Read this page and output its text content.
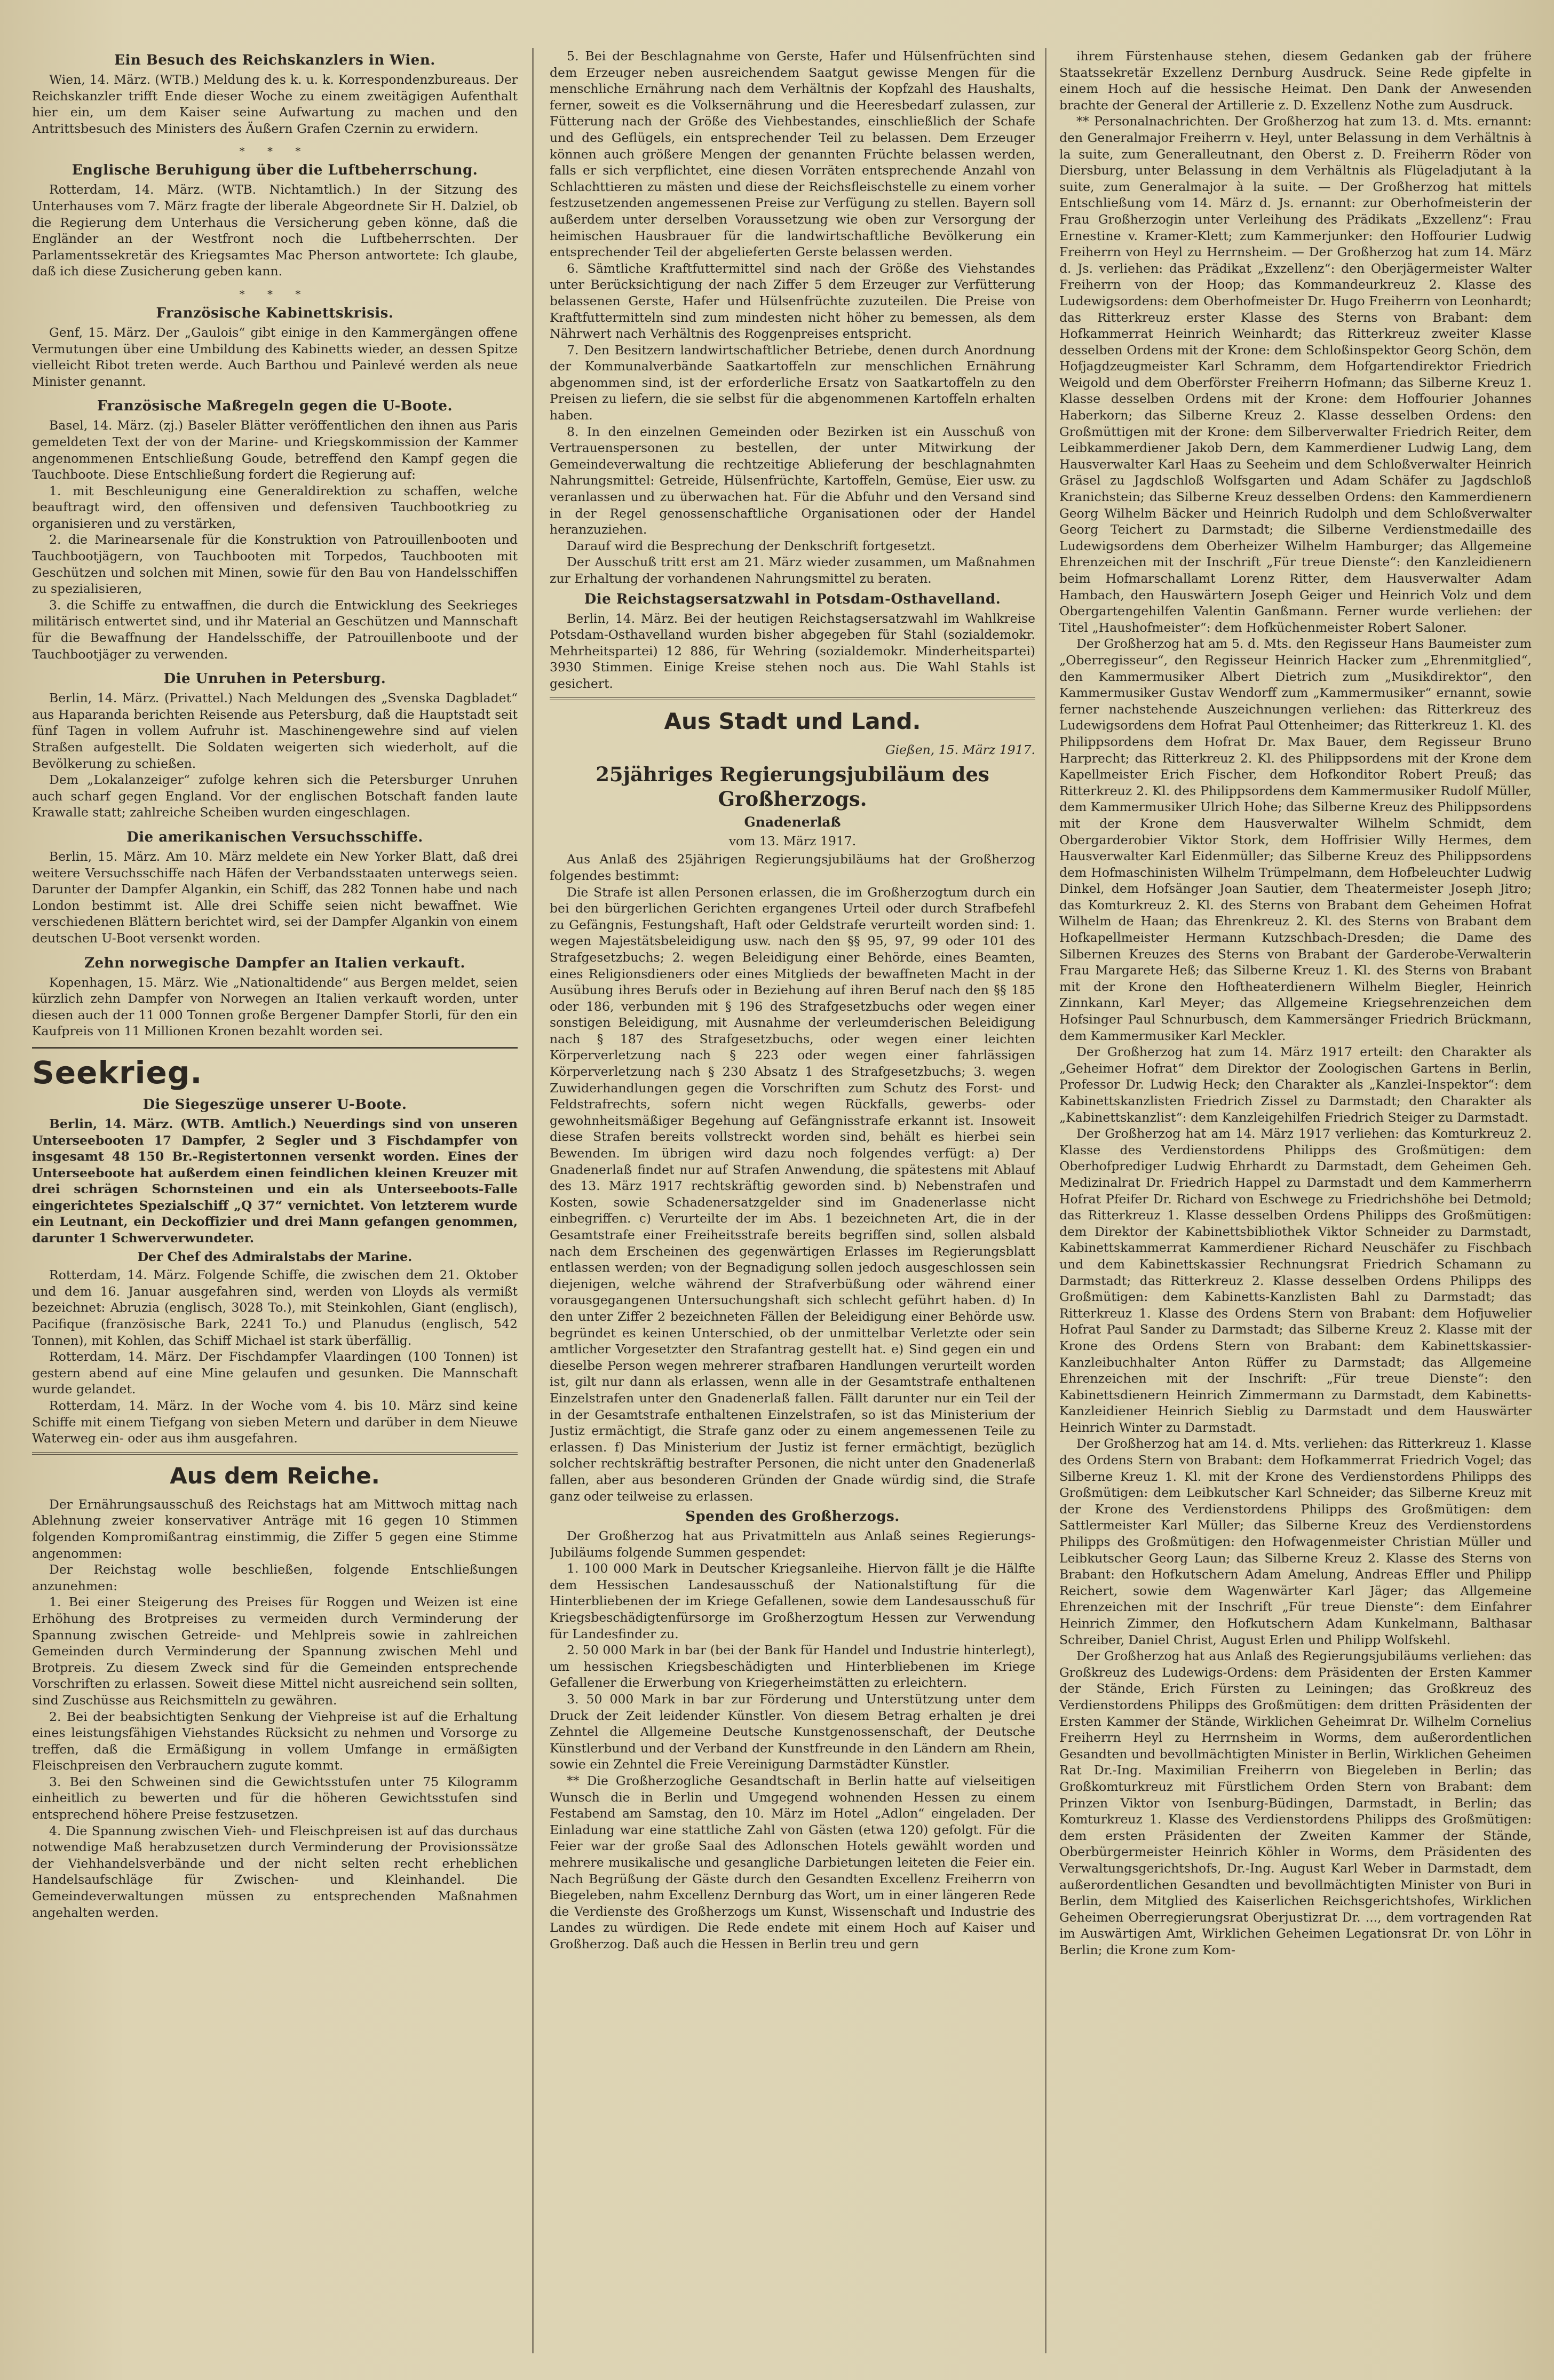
Ein Besuch des Reichskanzlers in Wien.

Wien, 14. März. (WTB.) Meldung des k. u. k. Korrespondenzbureaus. Der Reichskanzler trifft Ende dieser Woche zu einem zweitägigen Aufenthalt hier ein, um dem Kaiser seine Aufwartung zu machen und den Antrittsbesuch des Ministers des Äußern Grafen Czernin zu erwidern.

* * *
Englische Beruhigung über die Luftbeherrschung.

Rotterdam, 14. März. (WTB. Nichtamtlich.) In der Sitzung des Unterhauses vom 7. März fragte der liberale Abgeordnete Sir H. Dalziel, ob die Regierung dem Unterhaus die Versicherung geben könne, daß die Engländer an der Westfront noch die Luftbeherrschten. Der Parlamentssekretär des Kriegsamtes Mac Pherson antwortete: Ich glaube, daß ich diese Zusicherung geben kann.

* * *
Französische Kabinettskrisis.

Genf, 15. März. Der „Gaulois“ gibt einige in den Kammergängen offene Vermutungen über eine Umbildung des Kabinetts wieder, an dessen Spitze vielleicht Ribot treten werde. Auch Barthou und Painlevé werden als neue Minister genannt.

Französische Maßregeln gegen die U-Boote.

Basel, 14. März. (zj.) Baseler Blätter veröffentlichen den ihnen aus Paris gemeldeten Text der von der Marine- und Kriegskommission der Kammer angenommenen Entschließung Goude, betreffend den Kampf gegen die Tauchboote. Diese Entschließung fordert die Regierung auf:

1. mit Beschleunigung eine Generaldirektion zu schaffen, welche beauftragt wird, den offensiven und defensiven Tauchbootkrieg zu organisieren und zu verstärken,

2. die Marinearsenale für die Konstruktion von Patrouillenbooten und Tauchbootjägern, von Tauchbooten mit Torpedos, Tauchbooten mit Geschützen und solchen mit Minen, sowie für den Bau von Handelsschiffen zu spezialisieren,

3. die Schiffe zu entwaffnen, die durch die Entwicklung des Seekrieges militärisch entwertet sind, und ihr Material an Geschützen und Mannschaft für die Bewaffnung der Handelsschiffe, der Patrouillenboote und der Tauchbootjäger zu verwenden.

Die Unruhen in Petersburg.

Berlin, 14. März. (Privattel.) Nach Meldungen des „Svenska Dagbladet“ aus Haparanda berichten Reisende aus Petersburg, daß die Hauptstadt seit fünf Tagen in vollem Aufruhr ist. Maschinengewehre sind auf vielen Straßen aufgestellt. Die Soldaten weigerten sich wiederholt, auf die Bevölkerung zu schießen.

Dem „Lokalanzeiger“ zufolge kehren sich die Petersburger Unruhen auch scharf gegen England. Vor der englischen Botschaft fanden laute Krawalle statt; zahlreiche Scheiben wurden eingeschlagen.

Die amerikanischen Versuchsschiffe.

Berlin, 15. März. Am 10. März meldete ein New Yorker Blatt, daß drei weitere Versuchsschiffe nach Häfen der Verbandsstaaten unterwegs seien. Darunter der Dampfer Algankin, ein Schiff, das 282 Tonnen habe und nach London bestimmt ist. Alle drei Schiffe seien nicht bewaffnet. Wie verschiedenen Blättern berichtet wird, sei der Dampfer Algankin von einem deutschen U-Boot versenkt worden.

Zehn norwegische Dampfer an Italien verkauft.

Kopenhagen, 15. März. Wie „Nationaltidende“ aus Bergen meldet, seien kürzlich zehn Dampfer von Norwegen an Italien verkauft worden, unter diesen auch der 11 000 Tonnen große Bergener Dampfer Storli, für den ein Kaufpreis von 11 Millionen Kronen bezahlt worden sei.

Seekrieg.
Die Siegeszüge unserer U-Boote.

Berlin, 14. März. (WTB. Amtlich.) Neuerdings sind von unseren Unterseebooten 17 Dampfer, 2 Segler und 3 Fischdampfer von insgesamt 48 150 Br.-Registertonnen versenkt worden. Eines der Unterseeboote hat außerdem einen feindlichen kleinen Kreuzer mit drei schrägen Schornsteinen und ein als Unterseeboots-Falle eingerichtetes Spezialschiff „Q 37“ vernichtet. Von letzterem wurde ein Leutnant, ein Deckoffizier und drei Mann gefangen genommen, darunter 1 Schwerverwundeter.

Der Chef des Admiralstabs der Marine.

Rotterdam, 14. März. Folgende Schiffe, die zwischen dem 21. Oktober und dem 16. Januar ausgefahren sind, werden von Lloyds als vermißt bezeichnet: Abruzia (englisch, 3028 To.), mit Steinkohlen, Giant (englisch), Pacifique (französische Bark, 2241 To.) und Planudus (englisch, 542 Tonnen), mit Kohlen, das Schiff Michael ist stark überfällig.

Rotterdam, 14. März. Der Fischdampfer Vlaardingen (100 Tonnen) ist gestern abend auf eine Mine gelaufen und gesunken. Die Mannschaft wurde gelandet.

Rotterdam, 14. März. In der Woche vom 4. bis 10. März sind keine Schiffe mit einem Tiefgang von sieben Metern und darüber in dem Nieuwe Waterweg ein- oder aus ihm ausgefahren.

Aus dem Reiche.

Der Ernährungsausschuß des Reichstags hat am Mittwoch mittag nach Ablehnung zweier konservativer Anträge mit 16 gegen 10 Stimmen folgenden Kompromißantrag einstimmig, die Ziffer 5 gegen eine Stimme angenommen:

Der Reichstag wolle beschließen, folgende Entschließungen anzunehmen:

1. Bei einer Steigerung des Preises für Roggen und Weizen ist eine Erhöhung des Brotpreises zu vermeiden durch Verminderung der Spannung zwischen Getreide- und Mehlpreis sowie in zahlreichen Gemeinden durch Verminderung der Spannung zwischen Mehl und Brotpreis. Zu diesem Zweck sind für die Gemeinden entsprechende Vorschriften zu erlassen. Soweit diese Mittel nicht ausreichend sein sollten, sind Zuschüsse aus Reichsmitteln zu gewähren.

2. Bei der beabsichtigten Senkung der Viehpreise ist auf die Erhaltung eines leistungsfähigen Viehstandes Rücksicht zu nehmen und Vorsorge zu treffen, daß die Ermäßigung in vollem Umfange in ermäßigten Fleischpreisen den Verbrauchern zugute kommt.

3. Bei den Schweinen sind die Gewichtsstufen unter 75 Kilogramm einheitlich zu bewerten und für die höheren Gewichtsstufen sind entsprechend höhere Preise festzusetzen.

4. Die Spannung zwischen Vieh- und Fleischpreisen ist auf das durchaus notwendige Maß herabzusetzen durch Verminderung der Provisionssätze der Viehhandelsverbände und der nicht selten recht erheblichen Handelsaufschläge für Zwischen- und Kleinhandel. Die Gemeindeverwaltungen müssen zu entsprechenden Maßnahmen angehalten werden.

5. Bei der Beschlagnahme von Gerste, Hafer und Hülsenfrüchten sind dem Erzeuger neben ausreichendem Saatgut gewisse Mengen für die menschliche Ernährung nach dem Verhältnis der Kopfzahl des Haushalts, ferner, soweit es die Volksernährung und die Heeresbedarf zulassen, zur Fütterung nach der Größe des Viehbestandes, einschließlich der Schafe und des Geflügels, ein entsprechender Teil zu belassen. Dem Erzeuger können auch größere Mengen der genannten Früchte belassen werden, falls er sich verpflichtet, eine diesen Vorräten entsprechende Anzahl von Schlachttieren zu mästen und diese der Reichsfleischstelle zu einem vorher festzusetzenden angemessenen Preise zur Verfügung zu stellen. Bayern soll außerdem unter derselben Voraussetzung wie oben zur Versorgung der heimischen Hausbrauer für die landwirtschaftliche Bevölkerung ein entsprechender Teil der abgelieferten Gerste belassen werden.

6. Sämtliche Kraftfuttermittel sind nach der Größe des Viehstandes unter Berücksichtigung der nach Ziffer 5 dem Erzeuger zur Verfütterung belassenen Gerste, Hafer und Hülsenfrüchte zuzuteilen. Die Preise von Kraftfuttermitteln sind zum mindesten nicht höher zu bemessen, als dem Nährwert nach Verhältnis des Roggenpreises entspricht.

7. Den Besitzern landwirtschaftlicher Betriebe, denen durch Anordnung der Kommunalverbände Saatkartoffeln zur menschlichen Ernährung abgenommen sind, ist der erforderliche Ersatz von Saatkartoffeln zu den Preisen zu liefern, die sie selbst für die abgenommenen Kartoffeln erhalten haben.

8. In den einzelnen Gemeinden oder Bezirken ist ein Ausschuß von Vertrauenspersonen zu bestellen, der unter Mitwirkung der Gemeindeverwaltung die rechtzeitige Ablieferung der beschlagnahmten Nahrungsmittel: Getreide, Hülsenfrüchte, Kartoffeln, Gemüse, Eier usw. zu veranlassen und zu überwachen hat. Für die Abfuhr und den Versand sind in der Regel genossenschaftliche Organisationen oder der Handel heranzuziehen.

Darauf wird die Besprechung der Denkschrift fortgesetzt.

Der Ausschuß tritt erst am 21. März wieder zusammen, um Maßnahmen zur Erhaltung der vorhandenen Nahrungsmittel zu beraten.

Die Reichstagsersatzwahl in Potsdam-Osthavelland.

Berlin, 14. März. Bei der heutigen Reichstagsersatzwahl im Wahlkreise Potsdam-Osthavelland wurden bisher abgegeben für Stahl (sozialdemokr. Mehrheitspartei) 12 886, für Wehring (sozialdemokr. Minderheitspartei) 3930 Stimmen. Einige Kreise stehen noch aus. Die Wahl Stahls ist gesichert.

Aus Stadt und Land.
Gießen, 15. März 1917.
25jähriges Regierungsjubiläum des Großherzogs.
Gnadenerlaß
vom 13. März 1917.

Aus Anlaß des 25jährigen Regierungsjubiläums hat der Großherzog folgendes bestimmt:

Die Strafe ist allen Personen erlassen, die im Großherzogtum durch ein bei den bürgerlichen Gerichten ergangenes Urteil oder durch Strafbefehl zu Gefängnis, Festungshaft, Haft oder Geldstrafe verurteilt worden sind: 1. wegen Majestätsbeleidigung usw. nach den §§ 95, 97, 99 oder 101 des Strafgesetzbuchs; 2. wegen Beleidigung einer Behörde, eines Beamten, eines Religionsdieners oder eines Mitglieds der bewaffneten Macht in der Ausübung ihres Berufs oder in Beziehung auf ihren Beruf nach den §§ 185 oder 186, verbunden mit § 196 des Strafgesetzbuchs oder wegen einer sonstigen Beleidigung, mit Ausnahme der verleumderischen Beleidigung nach § 187 des Strafgesetzbuchs, oder wegen einer leichten Körperverletzung nach § 223 oder wegen einer fahrlässigen Körperverletzung nach § 230 Absatz 1 des Strafgesetzbuchs; 3. wegen Zuwiderhandlungen gegen die Vorschriften zum Schutz des Forst- und Feldstrafrechts, sofern nicht wegen Rückfalls, gewerbs- oder gewohnheitsmäßiger Begehung auf Gefängnisstrafe erkannt ist. Insoweit diese Strafen bereits vollstreckt worden sind, behält es hierbei sein Bewenden. Im übrigen wird dazu noch folgendes verfügt: a) Der Gnadenerlaß findet nur auf Strafen Anwendung, die spätestens mit Ablauf des 13. März 1917 rechtskräftig geworden sind. b) Nebenstrafen und Kosten, sowie Schadenersatzgelder sind im Gnadenerlasse nicht einbegriffen. c) Verurteilte der im Abs. 1 bezeichneten Art, die in der Gesamtstrafe einer Freiheitsstrafe bereits begriffen sind, sollen alsbald nach dem Erscheinen des gegenwärtigen Erlasses im Regierungsblatt entlassen werden; von der Begnadigung sollen jedoch ausgeschlossen sein diejenigen, welche während der Strafverbüßung oder während einer vorausgegangenen Untersuchungshaft sich schlecht geführt haben. d) In den unter Ziffer 2 bezeichneten Fällen der Beleidigung einer Behörde usw. begründet es keinen Unterschied, ob der unmittelbar Verletzte oder sein amtlicher Vorgesetzter den Strafantrag gestellt hat. e) Sind gegen ein und dieselbe Person wegen mehrerer strafbaren Handlungen verurteilt worden ist, gilt nur dann als erlassen, wenn alle in der Gesamtstrafe enthaltenen Einzelstrafen unter den Gnadenerlaß fallen. Fällt darunter nur ein Teil der in der Gesamtstrafe enthaltenen Einzelstrafen, so ist das Ministerium der Justiz ermächtigt, die Strafe ganz oder zu einem angemessenen Teile zu erlassen. f) Das Ministerium der Justiz ist ferner ermächtigt, bezüglich solcher rechtskräftig bestrafter Personen, die nicht unter den Gnadenerlaß fallen, aber aus besonderen Gründen der Gnade würdig sind, die Strafe ganz oder teilweise zu erlassen.

Spenden des Großherzogs.

Der Großherzog hat aus Privatmitteln aus Anlaß seines Regierungs-Jubiläums folgende Summen gespendet:

1. 100 000 Mark in Deutscher Kriegsanleihe. Hiervon fällt je die Hälfte dem Hessischen Landesausschuß der Nationalstiftung für die Hinterbliebenen der im Kriege Gefallenen, sowie dem Landesausschuß für Kriegsbeschädigtenfürsorge im Großherzogtum Hessen zur Verwendung für Landesfinder zu.

2. 50 000 Mark in bar (bei der Bank für Handel und Industrie hinterlegt), um hessischen Kriegsbeschädigten und Hinterbliebenen im Kriege Gefallener die Erwerbung von Kriegerheimstätten zu erleichtern.

3. 50 000 Mark in bar zur Förderung und Unterstützung unter dem Druck der Zeit leidender Künstler. Von diesem Betrag erhalten je drei Zehntel die Allgemeine Deutsche Kunstgenossenschaft, der Deutsche Künstlerbund und der Verband der Kunstfreunde in den Ländern am Rhein, sowie ein Zehntel die Freie Vereinigung Darmstädter Künstler.

** Die Großherzogliche Gesandtschaft in Berlin hatte auf vielseitigen Wunsch die in Berlin und Umgegend wohnenden Hessen zu einem Festabend am Samstag, den 10. März im Hotel „Adlon“ eingeladen. Der Einladung war eine stattliche Zahl von Gästen (etwa 120) gefolgt. Für die Feier war der große Saal des Adlonschen Hotels gewählt worden und mehrere musikalische und gesangliche Darbietungen leiteten die Feier ein. Nach Begrüßung der Gäste durch den Gesandten Excellenz Freiherrn von Biegeleben, nahm Excellenz Dernburg das Wort, um in einer längeren Rede die Verdienste des Großherzogs um Kunst, Wissenschaft und Industrie des Landes zu würdigen. Die Rede endete mit einem Hoch auf Kaiser und Großherzog. Daß auch die Hessen in Berlin treu und gern

ihrem Fürstenhause stehen, diesem Gedanken gab der frühere Staatssekretär Exzellenz Dernburg Ausdruck. Seine Rede gipfelte in einem Hoch auf die hessische Heimat. Den Dank der Anwesenden brachte der General der Artillerie z. D. Exzellenz Nothe zum Ausdruck.

** Personalnachrichten. Der Großherzog hat zum 13. d. Mts. ernannt: den Generalmajor Freiherrn v. Heyl, unter Belassung in dem Verhältnis à la suite, zum Generalleutnant, den Oberst z. D. Freiherrn Röder von Diersburg, unter Belassung in dem Verhältnis als Flügeladjutant à la suite, zum Generalmajor à la suite. — Der Großherzog hat mittels Entschließung vom 14. März d. Js. ernannt: zur Oberhofmeisterin der Frau Großherzogin unter Verleihung des Prädikats „Exzellenz“: Frau Ernestine v. Kramer-Klett; zum Kammerjunker: den Hoffourier Ludwig Freiherrn von Heyl zu Herrnsheim. — Der Großherzog hat zum 14. März d. Js. verliehen: das Prädikat „Exzellenz“: den Oberjägermeister Walter Freiherrn von der Hoop; das Kommandeurkreuz 2. Klasse des Ludewigsordens: dem Oberhofmeister Dr. Hugo Freiherrn von Leonhardt; das Ritterkreuz erster Klasse des Sterns von Brabant: dem Hofkammerrat Heinrich Weinhardt; das Ritterkreuz zweiter Klasse desselben Ordens mit der Krone: dem Schloßinspektor Georg Schön, dem Hofjagdzeugmeister Karl Schramm, dem Hofgartendirektor Friedrich Weigold und dem Oberförster Freiherrn Hofmann; das Silberne Kreuz 1. Klasse desselben Ordens mit der Krone: dem Hoffourier Johannes Haberkorn; das Silberne Kreuz 2. Klasse desselben Ordens: den Großmüttigen mit der Krone: dem Silberverwalter Friedrich Reiter, dem Leibkammerdiener Jakob Dern, dem Kammerdiener Ludwig Lang, dem Hausverwalter Karl Haas zu Seeheim und dem Schloßverwalter Heinrich Gräsel zu Jagdschloß Wolfsgarten und Adam Schäfer zu Jagdschloß Kranichstein; das Silberne Kreuz desselben Ordens: den Kammerdienern Georg Wilhelm Bäcker und Heinrich Rudolph und dem Schloßverwalter Georg Teichert zu Darmstadt; die Silberne Verdienstmedaille des Ludewigsordens dem Oberheizer Wilhelm Hamburger; das Allgemeine Ehrenzeichen mit der Inschrift „Für treue Dienste“: den Kanzleidienern beim Hofmarschallamt Lorenz Ritter, dem Hausverwalter Adam Hambach, den Hauswärtern Joseph Geiger und Heinrich Volz und dem Obergartengehilfen Valentin Ganßmann. Ferner wurde verliehen: der Titel „Haushofmeister“: dem Hofküchenmeister Robert Saloner.

Der Großherzog hat am 5. d. Mts. den Regisseur Hans Baumeister zum „Oberregisseur“, den Regisseur Heinrich Hacker zum „Ehrenmitglied“, den Kammermusiker Albert Dietrich zum „Musikdirektor“, den Kammermusiker Gustav Wendorff zum „Kammermusiker“ ernannt, sowie ferner nachstehende Auszeichnungen verliehen: das Ritterkreuz des Ludewigsordens dem Hofrat Paul Ottenheimer; das Ritterkreuz 1. Kl. des Philippsordens dem Hofrat Dr. Max Bauer, dem Regisseur Bruno Harprecht; das Ritterkreuz 2. Kl. des Philippsordens mit der Krone dem Kapellmeister Erich Fischer, dem Hofkonditor Robert Preuß; das Ritterkreuz 2. Kl. des Philippsordens dem Kammermusiker Rudolf Müller, dem Kammermusiker Ulrich Hohe; das Silberne Kreuz des Philippsordens mit der Krone dem Hausverwalter Wilhelm Schmidt, dem Obergarderobier Viktor Stork, dem Hoffrisier Willy Hermes, dem Hausverwalter Karl Eidenmüller; das Silberne Kreuz des Philippsordens dem Hofmaschinisten Wilhelm Trümpelmann, dem Hofbeleuchter Ludwig Dinkel, dem Hofsänger Joan Sautier, dem Theatermeister Joseph Jitro; das Komturkreuz 2. Kl. des Sterns von Brabant dem Geheimen Hofrat Wilhelm de Haan; das Ehrenkreuz 2. Kl. des Sterns von Brabant dem Hofkapellmeister Hermann Kutzschbach-Dresden; die Dame des Silbernen Kreuzes des Sterns von Brabant der Garderobe-Verwalterin Frau Margarete Heß; das Silberne Kreuz 1. Kl. des Sterns von Brabant mit der Krone den Hoftheaterdienern Wilhelm Biegler, Heinrich Zinnkann, Karl Meyer; das Allgemeine Kriegsehrenzeichen dem Hofsinger Paul Schnurbusch, dem Kammersänger Friedrich Brückmann, dem Kammermusiker Karl Meckler.

Der Großherzog hat zum 14. März 1917 erteilt: den Charakter als „Geheimer Hofrat“ dem Direktor der Zoologischen Gartens in Berlin, Professor Dr. Ludwig Heck; den Charakter als „Kanzlei-Inspektor“: dem Kabinettskanzlisten Friedrich Zissel zu Darmstadt; den Charakter als „Kabinettskanzlist“: dem Kanzleigehilfen Friedrich Steiger zu Darmstadt.

Der Großherzog hat am 14. März 1917 verliehen: das Komturkreuz 2. Klasse des Verdienstordens Philipps des Großmütigen: dem Oberhofprediger Ludwig Ehrhardt zu Darmstadt, dem Geheimen Geh. Medizinalrat Dr. Friedrich Happel zu Darmstadt und dem Kammerherrn Hofrat Pfeifer Dr. Richard von Eschwege zu Friedrichshöhe bei Detmold; das Ritterkreuz 1. Klasse desselben Ordens Philipps des Großmütigen: dem Direktor der Kabinettsbibliothek Viktor Schneider zu Darmstadt, Kabinettskammerrat Kammerdiener Richard Neuschäfer zu Fischbach und dem Kabinettskassier Rechnungsrat Friedrich Schamann zu Darmstadt; das Ritterkreuz 2. Klasse desselben Ordens Philipps des Großmütigen: dem Kabinetts-Kanzlisten Bahl zu Darmstadt; das Ritterkreuz 1. Klasse des Ordens Stern von Brabant: dem Hofjuwelier Hofrat Paul Sander zu Darmstadt; das Silberne Kreuz 2. Klasse mit der Krone des Ordens Stern von Brabant: dem Kabinettskassier-Kanzleibuchhalter Anton Rüffer zu Darmstadt; das Allgemeine Ehrenzeichen mit der Inschrift: „Für treue Dienste“: den Kabinettsdienern Heinrich Zimmermann zu Darmstadt, dem Kabinetts-Kanzleidiener Heinrich Sieblig zu Darmstadt und dem Hauswärter Heinrich Winter zu Darmstadt.

Der Großherzog hat am 14. d. Mts. verliehen: das Ritterkreuz 1. Klasse des Ordens Stern von Brabant: dem Hofkammerrat Friedrich Vogel; das Silberne Kreuz 1. Kl. mit der Krone des Verdienstordens Philipps des Großmütigen: dem Leibkutscher Karl Schneider; das Silberne Kreuz mit der Krone des Verdienstordens Philipps des Großmütigen: dem Sattlermeister Karl Müller; das Silberne Kreuz des Verdienstordens Philipps des Großmütigen: den Hofwagenmeister Christian Müller und Leibkutscher Georg Laun; das Silberne Kreuz 2. Klasse des Sterns von Brabant: den Hofkutschern Adam Amelung, Andreas Effler und Philipp Reichert, sowie dem Wagenwärter Karl Jäger; das Allgemeine Ehrenzeichen mit der Inschrift „Für treue Dienste“: dem Einfahrer Heinrich Zimmer, den Hofkutschern Adam Kunkelmann, Balthasar Schreiber, Daniel Christ, August Erlen und Philipp Wolfskehl.

Der Großherzog hat aus Anlaß des Regierungsjubiläums verliehen: das Großkreuz des Ludewigs-Ordens: dem Präsidenten der Ersten Kammer der Stände, Erich Fürsten zu Leiningen; das Großkreuz des Verdienstordens Philipps des Großmütigen: dem dritten Präsidenten der Ersten Kammer der Stände, Wirklichen Geheimrat Dr. Wilhelm Cornelius Freiherrn Heyl zu Herrnsheim in Worms, dem außerordentlichen Gesandten und bevollmächtigten Minister in Berlin, Wirklichen Geheimen Rat Dr.-Ing. Maximilian Freiherrn von Biegeleben in Berlin; das Großkomturkreuz mit Fürstlichem Orden Stern von Brabant: dem Prinzen Viktor von Isenburg-Büdingen, Darmstadt, in Berlin; das Komturkreuz 1. Klasse des Verdienstordens Philipps des Großmütigen: dem ersten Präsidenten der Zweiten Kammer der Stände, Oberbürgermeister Heinrich Köhler in Worms, dem Präsidenten des Verwaltungsgerichtshofs, Dr.-Ing. August Karl Weber in Darmstadt, dem außerordentlichen Gesandten und bevollmächtigten Minister von Buri in Berlin, dem Mitglied des Kaiserlichen Reichsgerichtshofes, Wirklichen Geheimen Oberregierungsrat Oberjustizrat Dr. ..., dem vortragenden Rat im Auswärtigen Amt, Wirklichen Geheimen Legationsrat Dr. von Löhr in Berlin; die Krone zum Kom-
